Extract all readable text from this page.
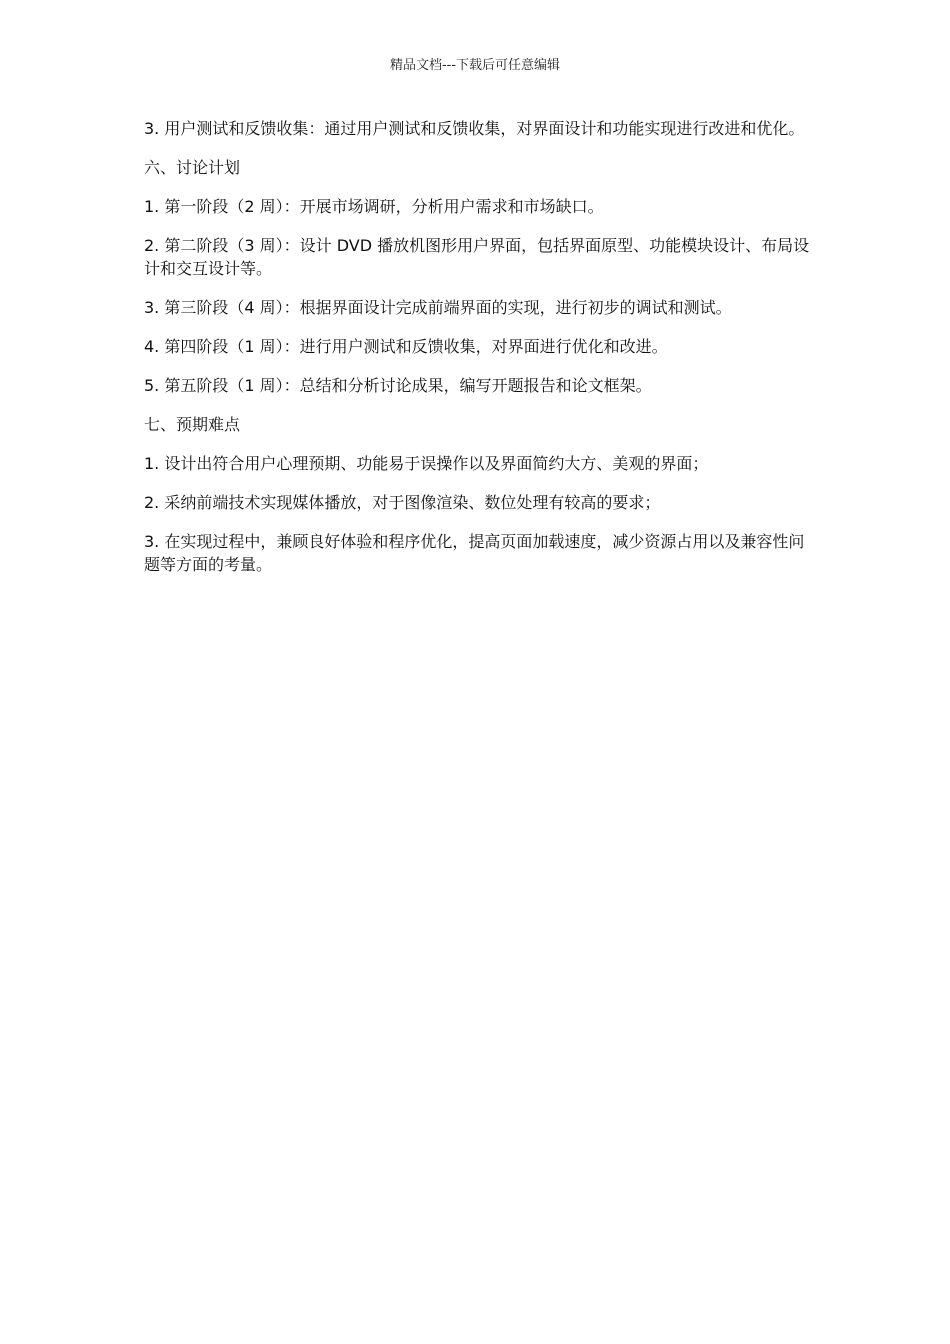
精品文档---下载后可任意编辑

3. 用户测试和反馈收集：通过用户测试和反馈收集，对界面设计和功能实现进行改进和优化。

六、讨论计划

1. 第一阶段（2 周）：开展市场调研，分析用户需求和市场缺口。

2. 第二阶段（3 周）：设计 DVD 播放机图形用户界面，包括界面原型、功能模块设计、布局设计和交互设计等。

3. 第三阶段（4 周）：根据界面设计完成前端界面的实现，进行初步的调试和测试。

4. 第四阶段（1 周）：进行用户测试和反馈收集，对界面进行优化和改进。

5. 第五阶段（1 周）：总结和分析讨论成果，编写开题报告和论文框架。

七、预期难点

1. 设计出符合用户心理预期、功能易于误操作以及界面简约大方、美观的界面；

2. 采纳前端技术实现媒体播放，对于图像渲染、数位处理有较高的要求；

3. 在实现过程中，兼顾良好体验和程序优化，提高页面加载速度，减少资源占用以及兼容性问题等方面的考量。
